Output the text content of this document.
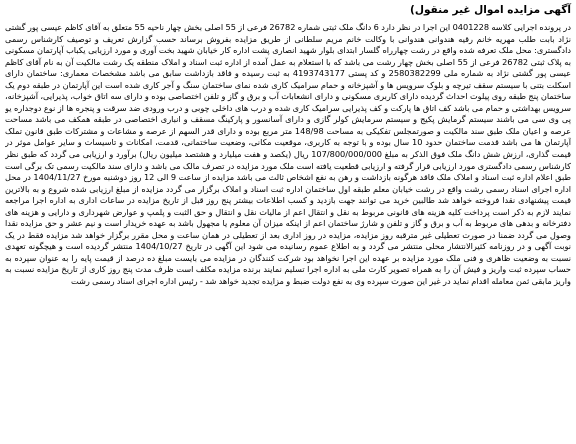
آگهی مزایده اموال غیر منقول)
در پرونده اجرایی کلاسه 0401228 این اجرا در نظر دارد 6 دانگ ملک ثبتی شماره 26782 فرعی از 55 اصلی بخش چهار ناحیه 55 متعلق به آقای کاظم عیسی پور گشتی نژاد بابت طلب مهریه خانم رقیه هندوانی هندوانی با وکالت خانم مریم سلطانی از طریق مزایده بفروش برساند حسب گزارش تعریف و توصیف کارشناس رسمی دادگستری: محل ملک تعرفه شده واقع در رشت چهارراه گلسار ابتدای بلوار شهید انصاری پشت اداره کار خیابان شهید بخت آوری و مورد ارزیابی یکباب آپارتمان مسکونی به پلاک ثبتی 26782 فرعی از 55 اصلی بخش چهار رشت می باشد که با استعلام به عمل آمده از اداره ثبت اسناد و املاک منطقه یک رشت مالکیت آن به نام آقای کاظم عیسی پور گشتی نژاد به شماره ملی 2580382299 و کد پستی 4193743177 به ثبت رسیده و فاقد بازداشت سابق می باشد مشخصات معماری: ساختمان دارای اسکلت بتنی با سیستم سقف تیرچه و بلوک سرویس ها و آشپزخانه و حمام سرامیک کاری شده نمای ساختمان سنگ و آجر کاری شده است این آپارتمان در طبقه دوم یک ساختمان پنج طبقه روی پیلوت احداث گردیده دارای کاربری مسکونی و دارای انشعابات آب و برق و گاز و تلفن اختصاصی بوده و دارای سه اتاق خواب، پذیرایی، آشپزخانه، سرویس بهداشتی و حمام می باشد کف اتاق ها پارکت و کف پذیرایی سرامیک کاری شده و درب های داخلی چوبی و درب ورودی ضد سرقت و پنجره ها از نوع دوجداره یو پی وی سی می باشند سیستم گرمایش پکیج و سیستم سرمایش کولر گازی و دارای آسانسور و پارکینگ مسقف و انباری اختصاصی در طبقه همکف می باشد مساحت عرصه و اعیان ملک طبق سند مالکیت و صورتمجلس تفکیکی به مساحت 148/98 متر مربع بوده و دارای قدر السهم از عرصه و مشاعات و مشترکات طبق قانون تملک آپارتمان ها می باشد قدمت ساختمان حدود 10 سال بوده و با توجه به کاربری، موقعیت مکانی، وضعیت ساختمانی، قدمت، امکانات و تاسیسات و سایر عوامل موثر در قیمت گذاری، ارزش شش دانگ ملک فوق الذکر به مبلغ 107/800/000/000 ریال (یکصد و هفت میلیارد و هشتصد میلیون ریال) برآورد و ارزیابی می گردد که طبق نظر کارشناس رسمی دادگستری مورد ارزیابی قرار گرفته و ارزیابی قطعیت یافته است ملک مورد مزایده در تصرف مالک می باشد و دارای سند مالکیت رسمی تک برگی است طبق اعلام اداره ثبت اسناد و املاک ملک فاقد هرگونه بازداشت و رهن به نفع اشخاص ثالث می باشد مزایده از ساعت 9 الی 12 روز دوشنبه مورخ 1404/11/27 در محل اداره اجرای اسناد رسمی رشت واقع در رشت خیابان معلم طبقه اول ساختمان اداره ثبت اسناد و املاک برگزار می گردد مزایده از مبلغ ارزیابی شده شروع و به بالاترین قیمت پیشنهادی نقدا فروخته خواهد شد طالبین خرید می توانند جهت بازدید و کسب اطلاعات بیشتر پنج روز قبل از تاریخ مزایده در ساعات اداری به اداره اجرا مراجعه نمایند لازم به ذکر است پرداخت کلیه هزینه های قانونی مربوط به نقل و انتقال اعم از مالیات نقل و انتقال و حق الثبت و پلمپ و عوارض شهرداری و دارایی و هزینه های دفترخانه و بدهی های مربوط به آب و برق و گاز و تلفن و شارژ ساختمان اعم از اینکه میزان آن معلوم یا مجهول باشد به عهده خریدار است و نیم عشر و حق مزایده نقدا وصول می گردد ضمنا در صورت تعطیلی غیر مترقبه روز مزایده، مزایده در روز اداری بعد از تعطیلی در همان ساعت و محل مقرر برگزار خواهد شد مزایده فقط در یک نوبت آگهی و در روزنامه کثیرالانتشار محلی منتشر می گردد و به اطلاع عموم رسانیده می شود این آگهی در تاریخ 1404/10/27 منتشر گردیده است و هیچگونه تعهدی نسبت به وضعیت ظاهری و فنی ملک مورد مزایده بر عهده این اجرا نخواهد بود شرکت کنندگان در مزایده می بایست مبلغ ده درصد از قیمت پایه را به عنوان سپرده به حساب سپرده ثبت واریز و فیش آن را به همراه تصویر کارت ملی به اداره اجرا تسلیم نمایند برنده مزایده مکلف است ظرف مدت پنج روز کاری از تاریخ مزایده نسبت به واریز مابقی ثمن معامله اقدام نماید در غیر این صورت سپرده وی به نفع دولت ضبط و مزایده تجدید خواهد شد - رئیس اداره اجرای اسناد رسمی رشت
